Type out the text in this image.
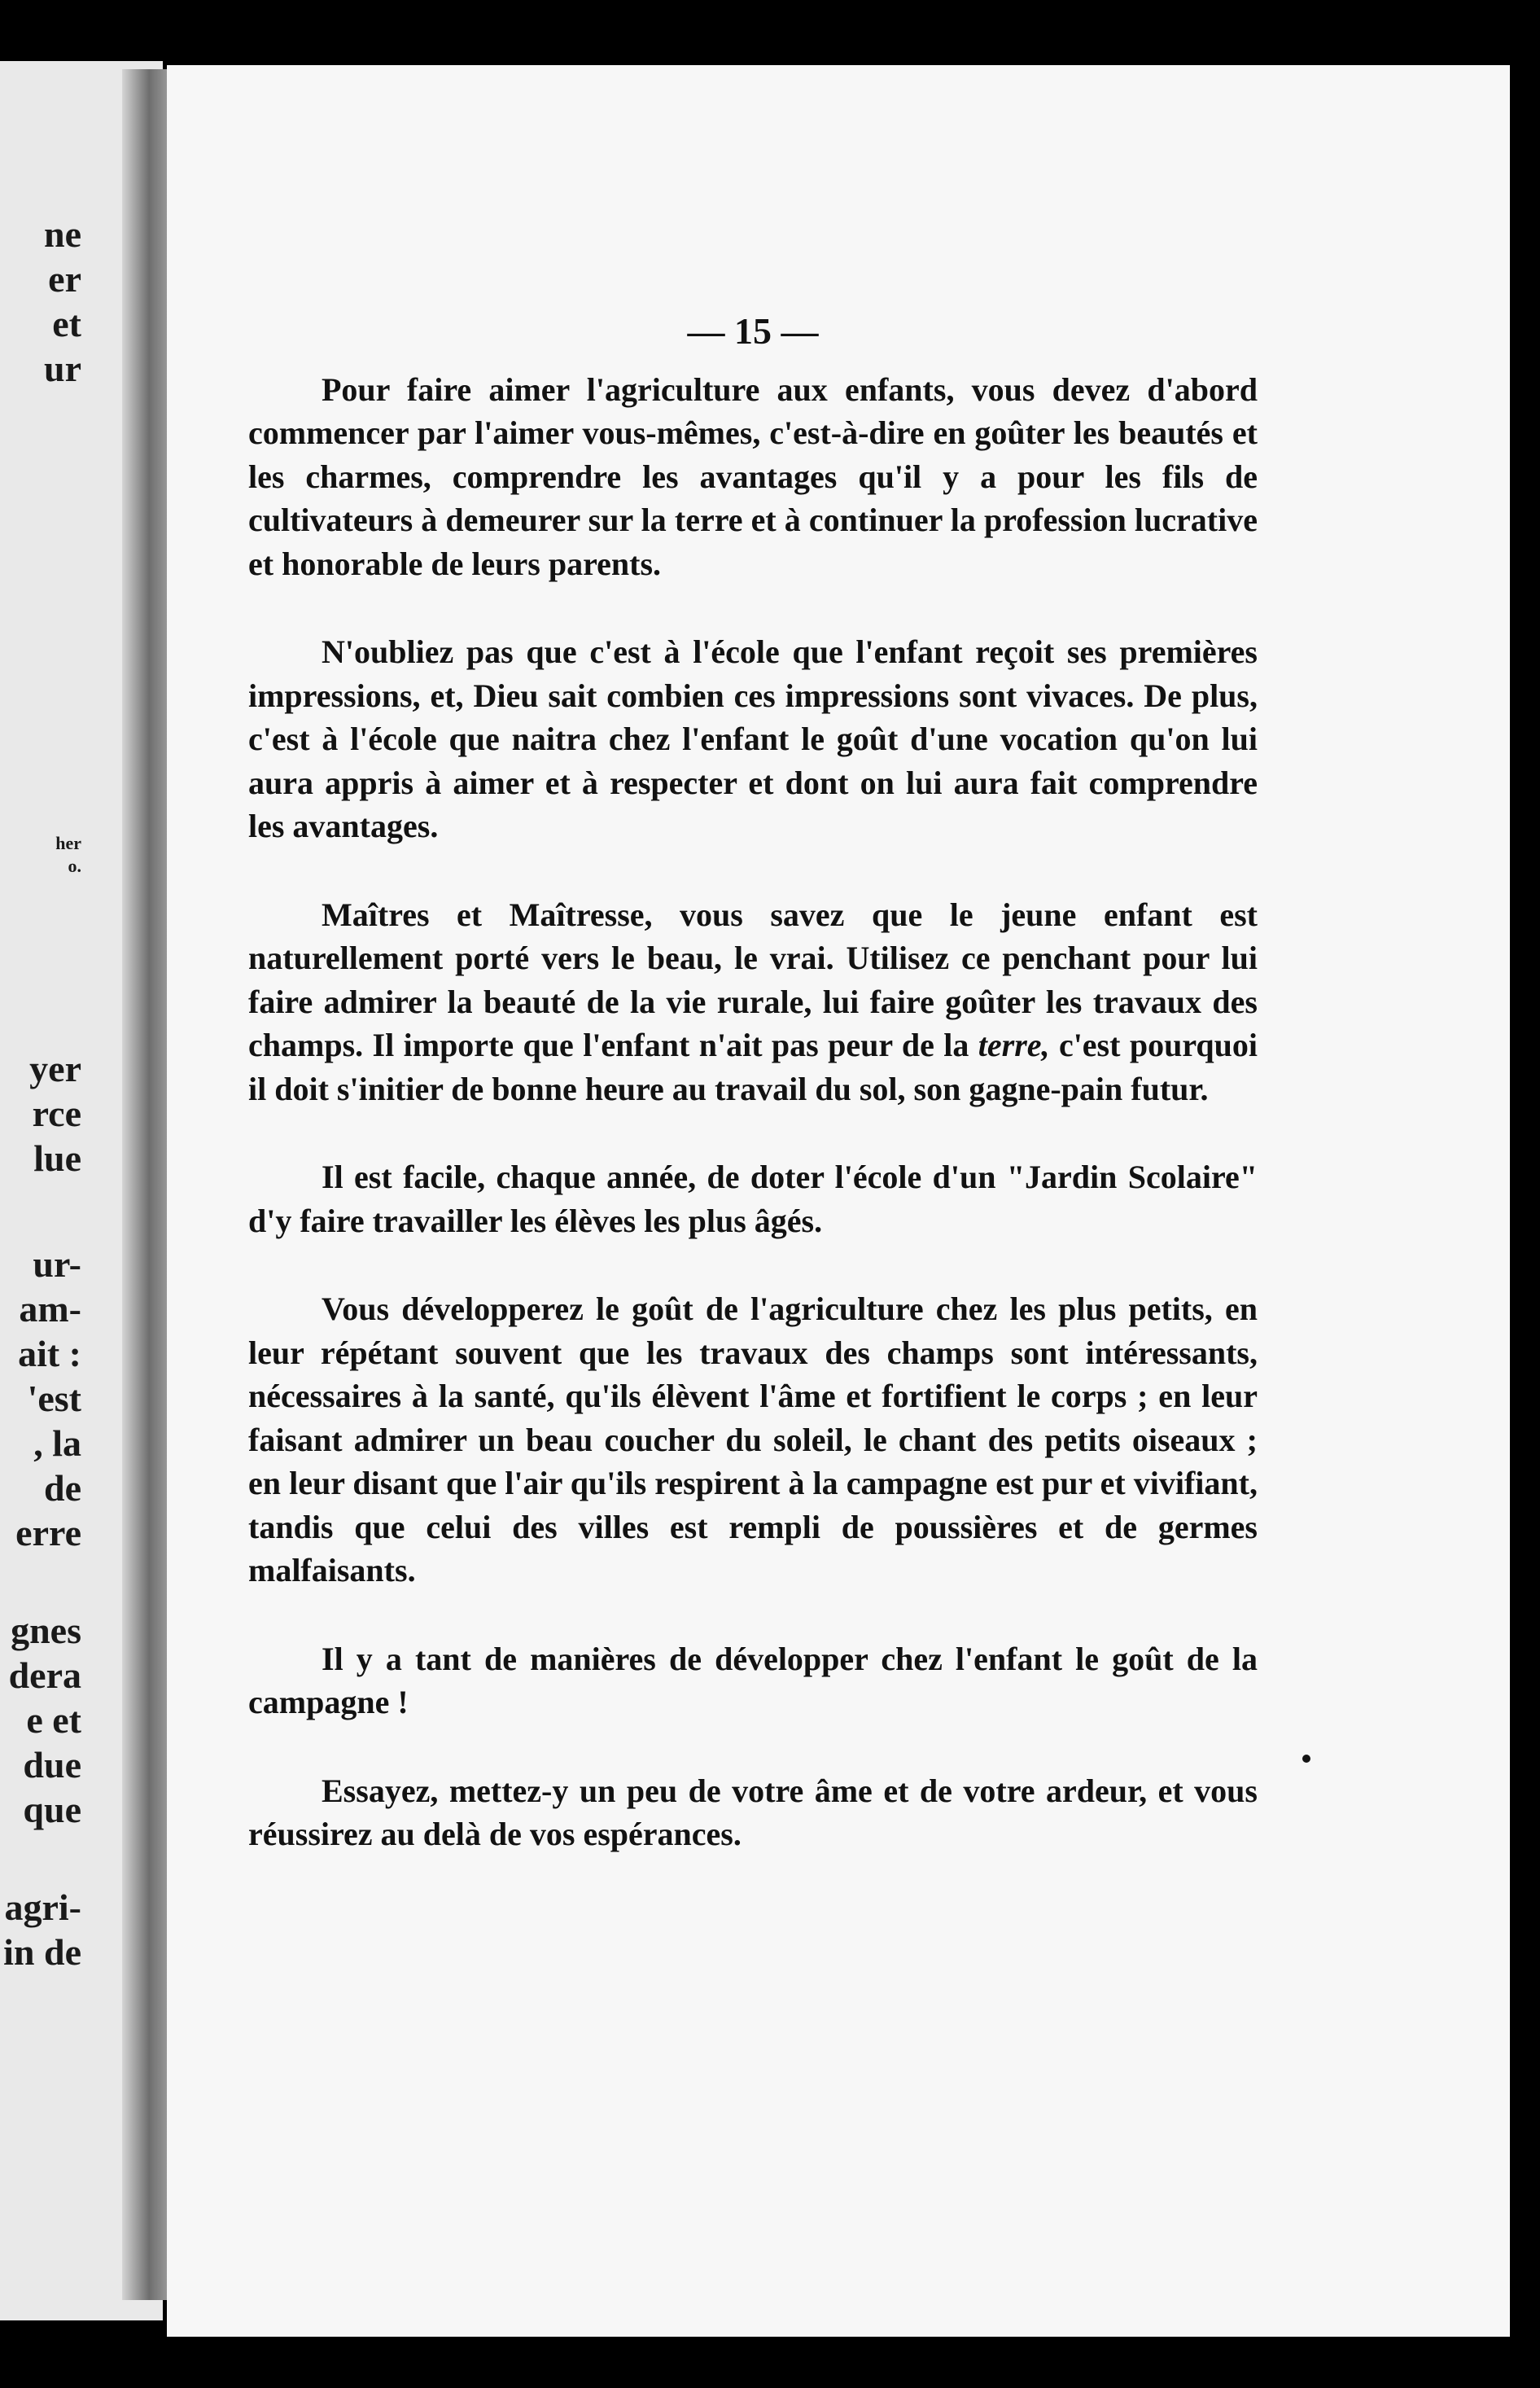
ne
er
et
ur
her
o.
yer
rce
lue
ur-
am-
ait :
'est
, la
de
erre
gnes
dera
e et
due
que
agri-
in de
— 15 —

Pour faire aimer l'agriculture aux enfants, vous devez d'abord commencer par l'aimer vous-mêmes, c'est-à-dire en goûter les beautés et les charmes, comprendre les avantages qu'il y a pour les fils de cultivateurs à demeurer sur la terre et à continuer la profession lucrative et honorable de leurs parents.

N'oubliez pas que c'est à l'école que l'enfant reçoit ses premières impressions, et, Dieu sait combien ces impressions sont vivaces. De plus, c'est à l'école que naitra chez l'enfant le goût d'une vocation qu'on lui aura appris à aimer et à respecter et dont on lui aura fait comprendre les avantages.

Maîtres et Maîtresse, vous savez que le jeune enfant est naturellement porté vers le beau, le vrai. Utilisez ce penchant pour lui faire admirer la beauté de la vie rurale, lui faire goûter les travaux des champs. Il importe que l'enfant n'ait pas peur de la terre, c'est pourquoi il doit s'initier de bonne heure au travail du sol, son gagne-pain futur.

Il est facile, chaque année, de doter l'école d'un "Jardin Scolaire" d'y faire travailler les élèves les plus âgés.

Vous développerez le goût de l'agriculture chez les plus petits, en leur répétant souvent que les travaux des champs sont intéressants, nécessaires à la santé, qu'ils élèvent l'âme et fortifient le corps ; en leur faisant admirer un beau coucher du soleil, le chant des petits oiseaux ; en leur disant que l'air qu'ils respirent à la campagne est pur et vivifiant, tandis que celui des villes est rempli de poussières et de germes malfaisants.

Il y a tant de manières de développer chez l'enfant le goût de la campagne !

Essayez, mettez-y un peu de votre âme et de votre ardeur, et vous réussirez au delà de vos espérances.
